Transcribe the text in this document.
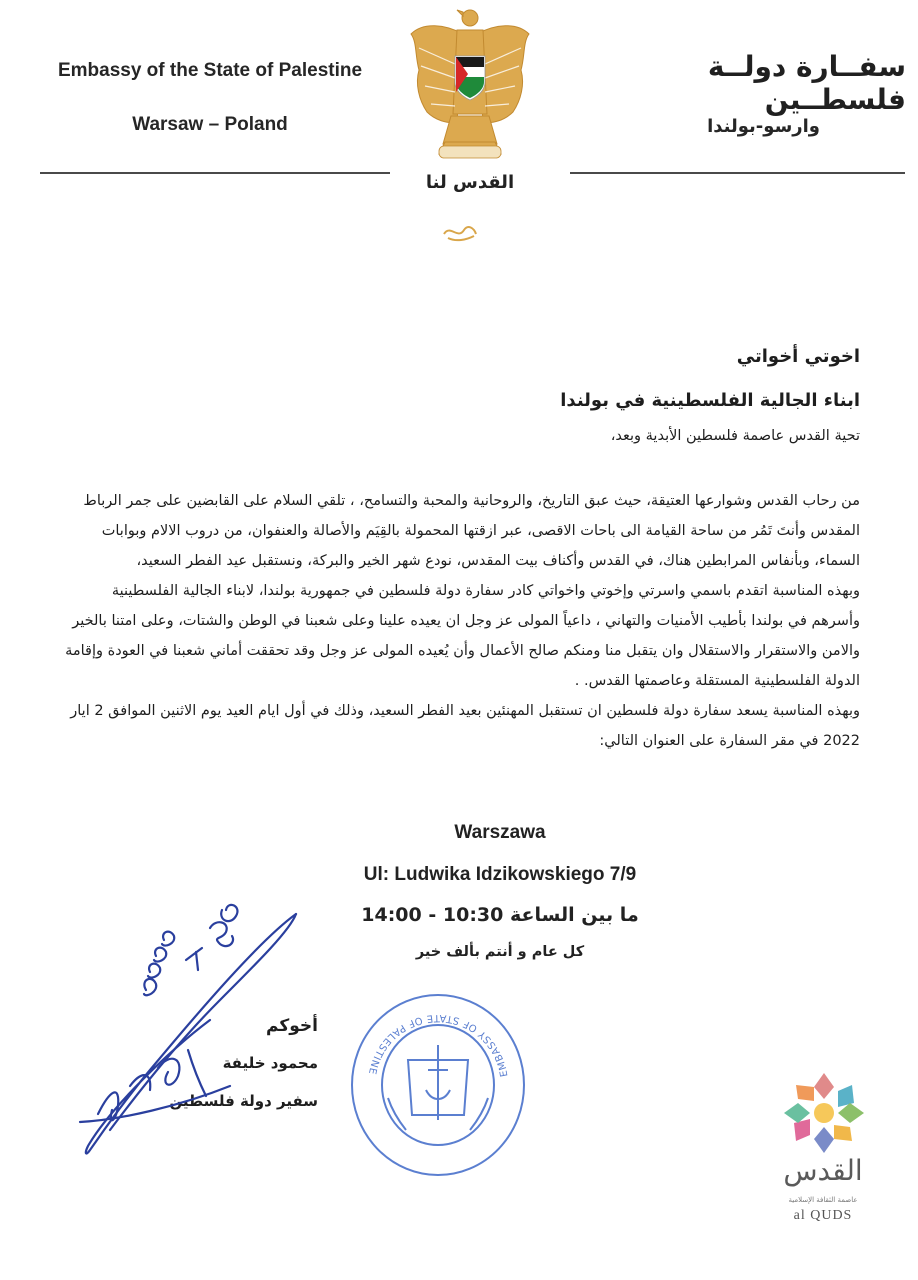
Embassy of the State of Palestine
Warsaw – Poland
سفــارة دولــة فلسطــين
وارسو-بولندا
القدس لنا
اخوتي أخواتي
ابناء الجالية الفلسطينية في بولندا
تحية القدس عاصمة فلسطين الأبدية وبعد،

من رحاب القدس وشوارعها العتيقة، حيث عبق التاريخ، والروحانية والمحبة والتسامح، ، تلقي السلام على القابضين على جمر الرباط المقدس وأنتَ تَمُر من ساحة القيامة الى باحات الاقصى، عبر ازقتها المحمولة بالقِيَم والأصالة والعنفوان، من دروب الالام وبوابات السماء، وبأنفاس المرابطين هناك، في القدس وأكناف بيت المقدس، نودع شهر الخير والبركة، ونستقبل عيد الفطر السعيد،

وبهذه المناسبة اتقدم باسمي واسرتي وإخوتي واخواتي كادر سفارة دولة فلسطين في جمهورية بولندا، لابناء الجالية الفلسطينية وأسرهم في بولندا بأطيب الأمنيات والتهاني ، داعياً المولى عز وجل ان يعيده علينا وعلى شعبنا في الوطن والشتات، وعلى امتنا بالخير والامن والاستقرار والاستقلال وان يتقبل منا ومنكم صالح الأعمال وأن يُعيده المولى عز وجل وقد تحققت أماني شعبنا في العودة وإقامة الدولة الفلسطينية المستقلة وعاصمتها القدس. .

وبهذه المناسبة يسعد سفارة دولة فلسطين ان تستقبل المهنئين بعيد الفطر السعيد، وذلك في أول ايام العيد يوم الاثنين الموافق 2 ايار 2022 في مقر السفارة على العنوان التالي:

Warszawa
Ul: Ludwika Idzikowskiego 7/9
ما بين الساعة 10:30 - 14:00
كل عام و أنتم بألف خير
أخوكم
محمود خليفة
سفير دولة فلسطين
EMBASSY OF STATE OF PALESTINE
القدس
عاصمة الثقافة الإسلامية
al QUDS
